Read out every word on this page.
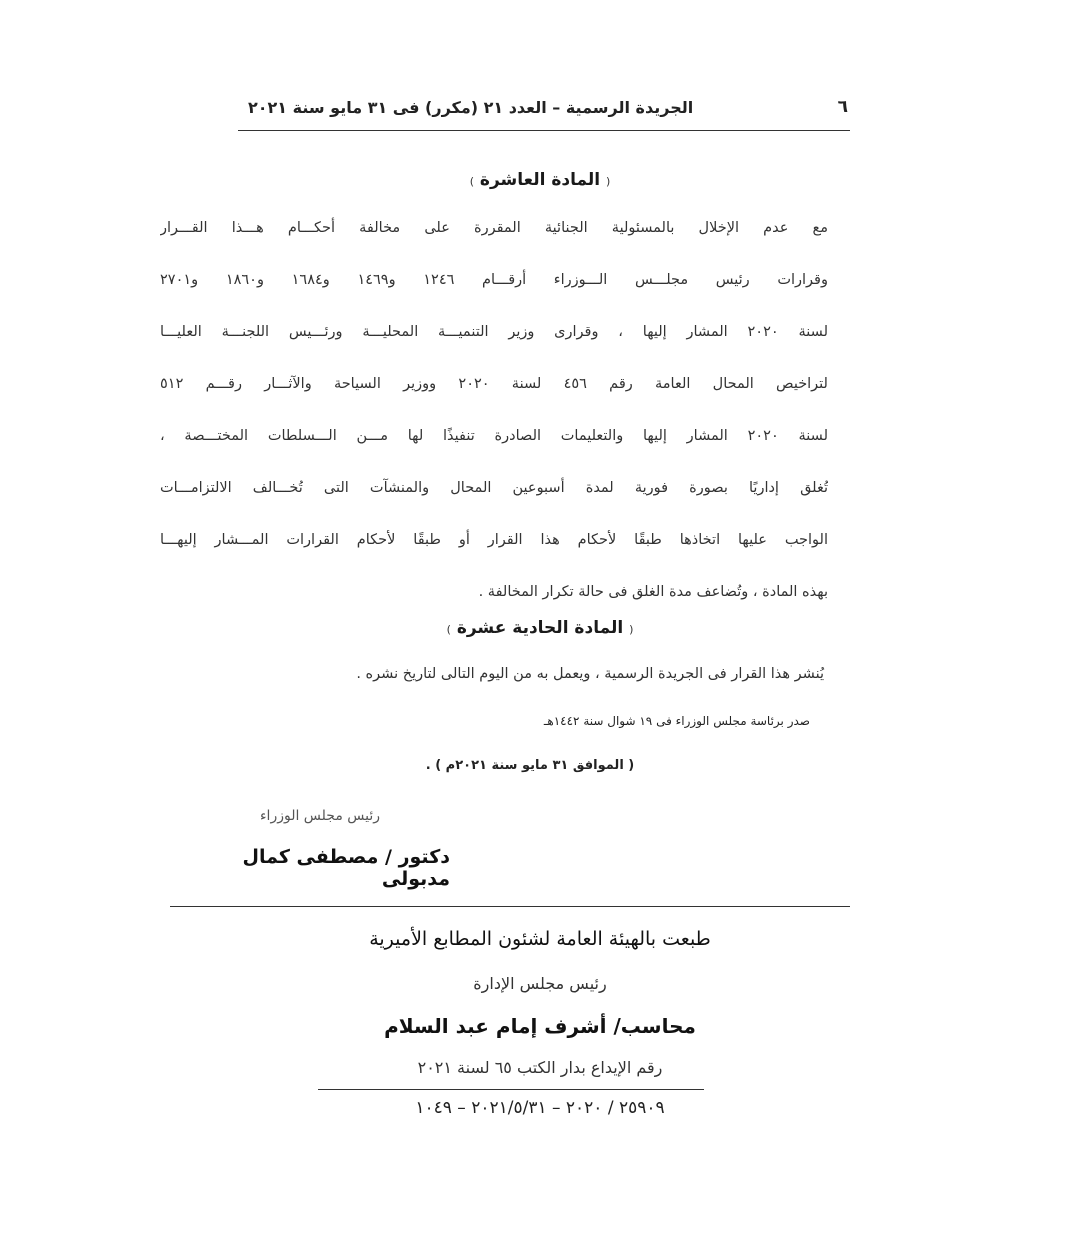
٦
الجريدة الرسمية – العدد ٢١ (مكرر) فى ٣١ مايو سنة ٢٠٢١
( المادة العاشرة )
مع عدم الإخلال بالمسئولية الجنائية المقررة على مخالفة أحكـــام هـــذا القـــرار
وقرارات رئيس مجلـــس الـــوزراء أرقـــام ١٢٤٦ و١٤٦٩ و١٦٨٤ و١٨٦٠ و٢٧٠١
لسنة ٢٠٢٠ المشار إليها ، وقرارى وزير التنميـــة المحليـــة ورئـــيس اللجنـــة العليـــا
لتراخيص المحال العامة رقم ٤٥٦ لسنة ٢٠٢٠ ووزير السياحة والآثـــار رقـــم ٥١٢
لسنة ٢٠٢٠ المشار إليها والتعليمات الصادرة تنفيذًا لها مـــن الـــسلطات المختـــصة ،
تُغلق إداريًا بصورة فورية لمدة أسبوعين المحال والمنشآت التى تُخـــالف الالتزامـــات
الواجب عليها اتخاذها طبقًا لأحكام هذا القرار أو طبقًا لأحكام القرارات المـــشار إليهـــا
بهذه المادة ، وتُضاعف مدة الغلق فى حالة تكرار المخالفة .
( المادة الحادية عشرة )
يُنشر هذا القرار فى الجريدة الرسمية ، ويعمل به من اليوم التالى لتاريخ نشره .
صدر برئاسة مجلس الوزراء فى ١٩ شوال سنة ١٤٤٢هـ
( الموافق ٣١ مايو سنة ٢٠٢١م ) .
رئيس مجلس الوزراء
دكتور / مصطفى كمال مدبولى
طبعت بالهيئة العامة لشئون المطابع الأميرية
رئيس مجلس الإدارة
محاسب/ أشرف إمام عبد السلام
رقم الإيداع بدار الكتب ٦٥ لسنة ٢٠٢١
٢٥٩٠٩ / ٢٠٢٠ – ٢٠٢١/٥/٣١ – ١٠٤٩
